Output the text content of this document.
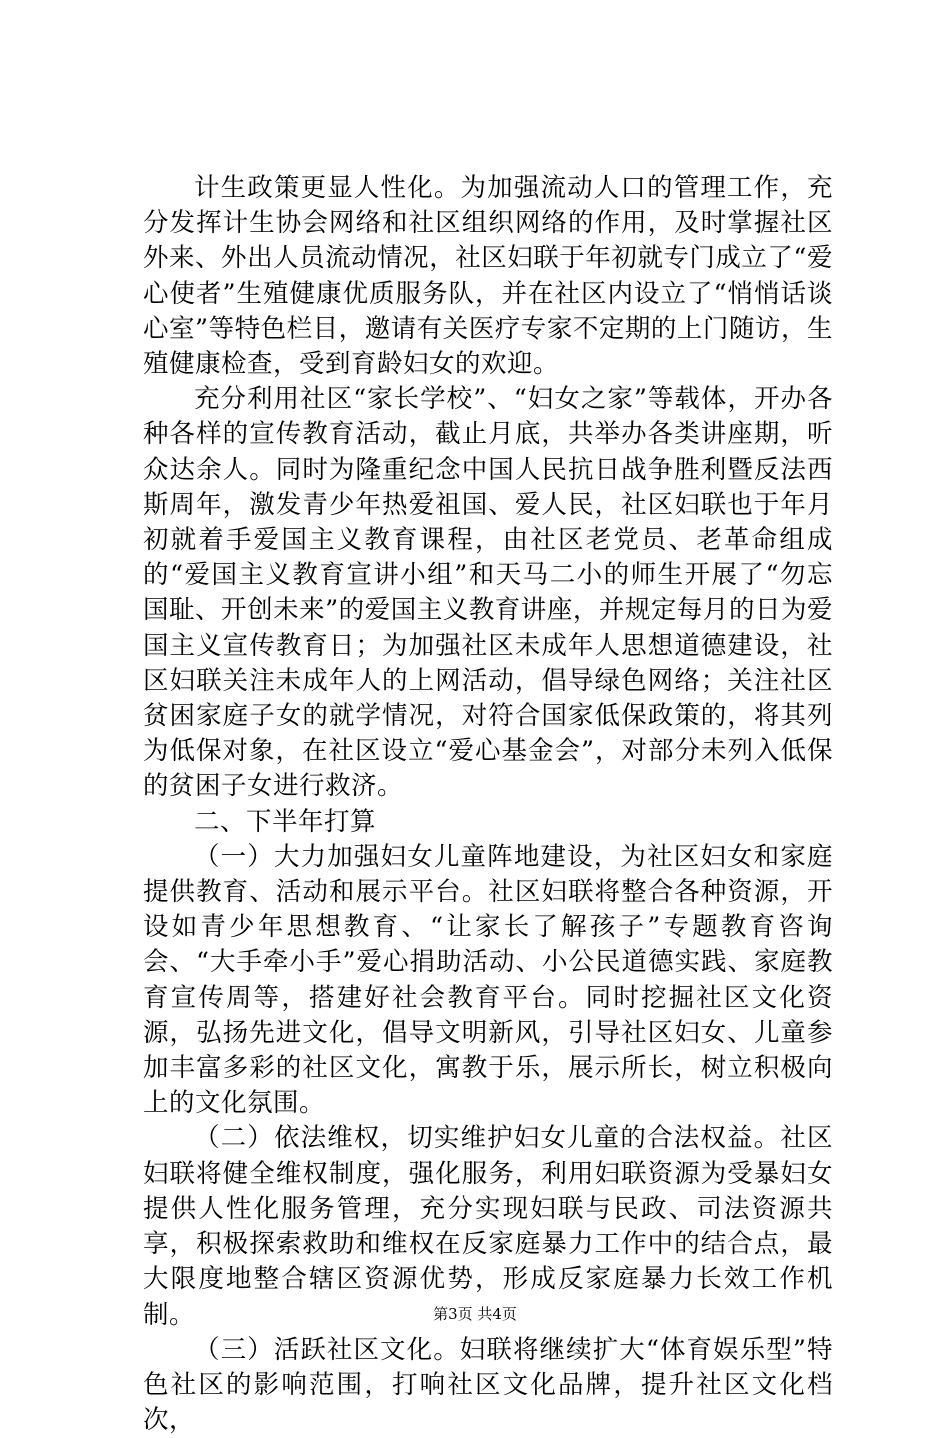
计生政策更显人性化。为加强流动人口的管理工作，充分发挥计生协会网络和社区组织网络的作用，及时掌握社区外来、外出人员流动情况，社区妇联于年初就专门成立了“爱心使者”生殖健康优质服务队，并在社区内设立了“悄悄话谈心室”等特色栏目，邀请有关医疗专家不定期的上门随访，生殖健康检查，受到育龄妇女的欢迎。

充分利用社区“家长学校”、“妇女之家”等载体，开办各种各样的宣传教育活动，截止月底，共举办各类讲座期，听众达余人。同时为隆重纪念中国人民抗日战争胜利暨反法西斯周年，激发青少年热爱祖国、爱人民，社区妇联也于年月初就着手爱国主义教育课程，由社区老党员、老革命组成的“爱国主义教育宣讲小组”和天马二小的师生开展了“勿忘国耻、开创未来”的爱国主义教育讲座，并规定每月的日为爱国主义宣传教育日；为加强社区未成年人思想道德建设，社区妇联关注未成年人的上网活动，倡导绿色网络；关注社区贫困家庭子女的就学情况，对符合国家低保政策的，将其列为低保对象，在社区设立“爱心基金会”，对部分未列入低保的贫困子女进行救济。

二、下半年打算

（一）大力加强妇女儿童阵地建设，为社区妇女和家庭提供教育、活动和展示平台。社区妇联将整合各种资源，开设如青少年思想教育、“让家长了解孩子”专题教育咨询会、“大手牵小手”爱心捐助活动、小公民道德实践、家庭教育宣传周等，搭建好社会教育平台。同时挖掘社区文化资源，弘扬先进文化，倡导文明新风，引导社区妇女、儿童参加丰富多彩的社区文化，寓教于乐，展示所长，树立积极向上的文化氛围。

（二）依法维权，切实维护妇女儿童的合法权益。社区妇联将健全维权制度，强化服务，利用妇联资源为受暴妇女提供人性化服务管理，充分实现妇联与民政、司法资源共享，积极探索救助和维权在反家庭暴力工作中的结合点，最大限度地整合辖区资源优势，形成反家庭暴力长效工作机制。

（三）活跃社区文化。妇联将继续扩大“体育娱乐型”特色社区的影响范围，打响社区文化品牌，提升社区文化档次，

第3页 共4页
